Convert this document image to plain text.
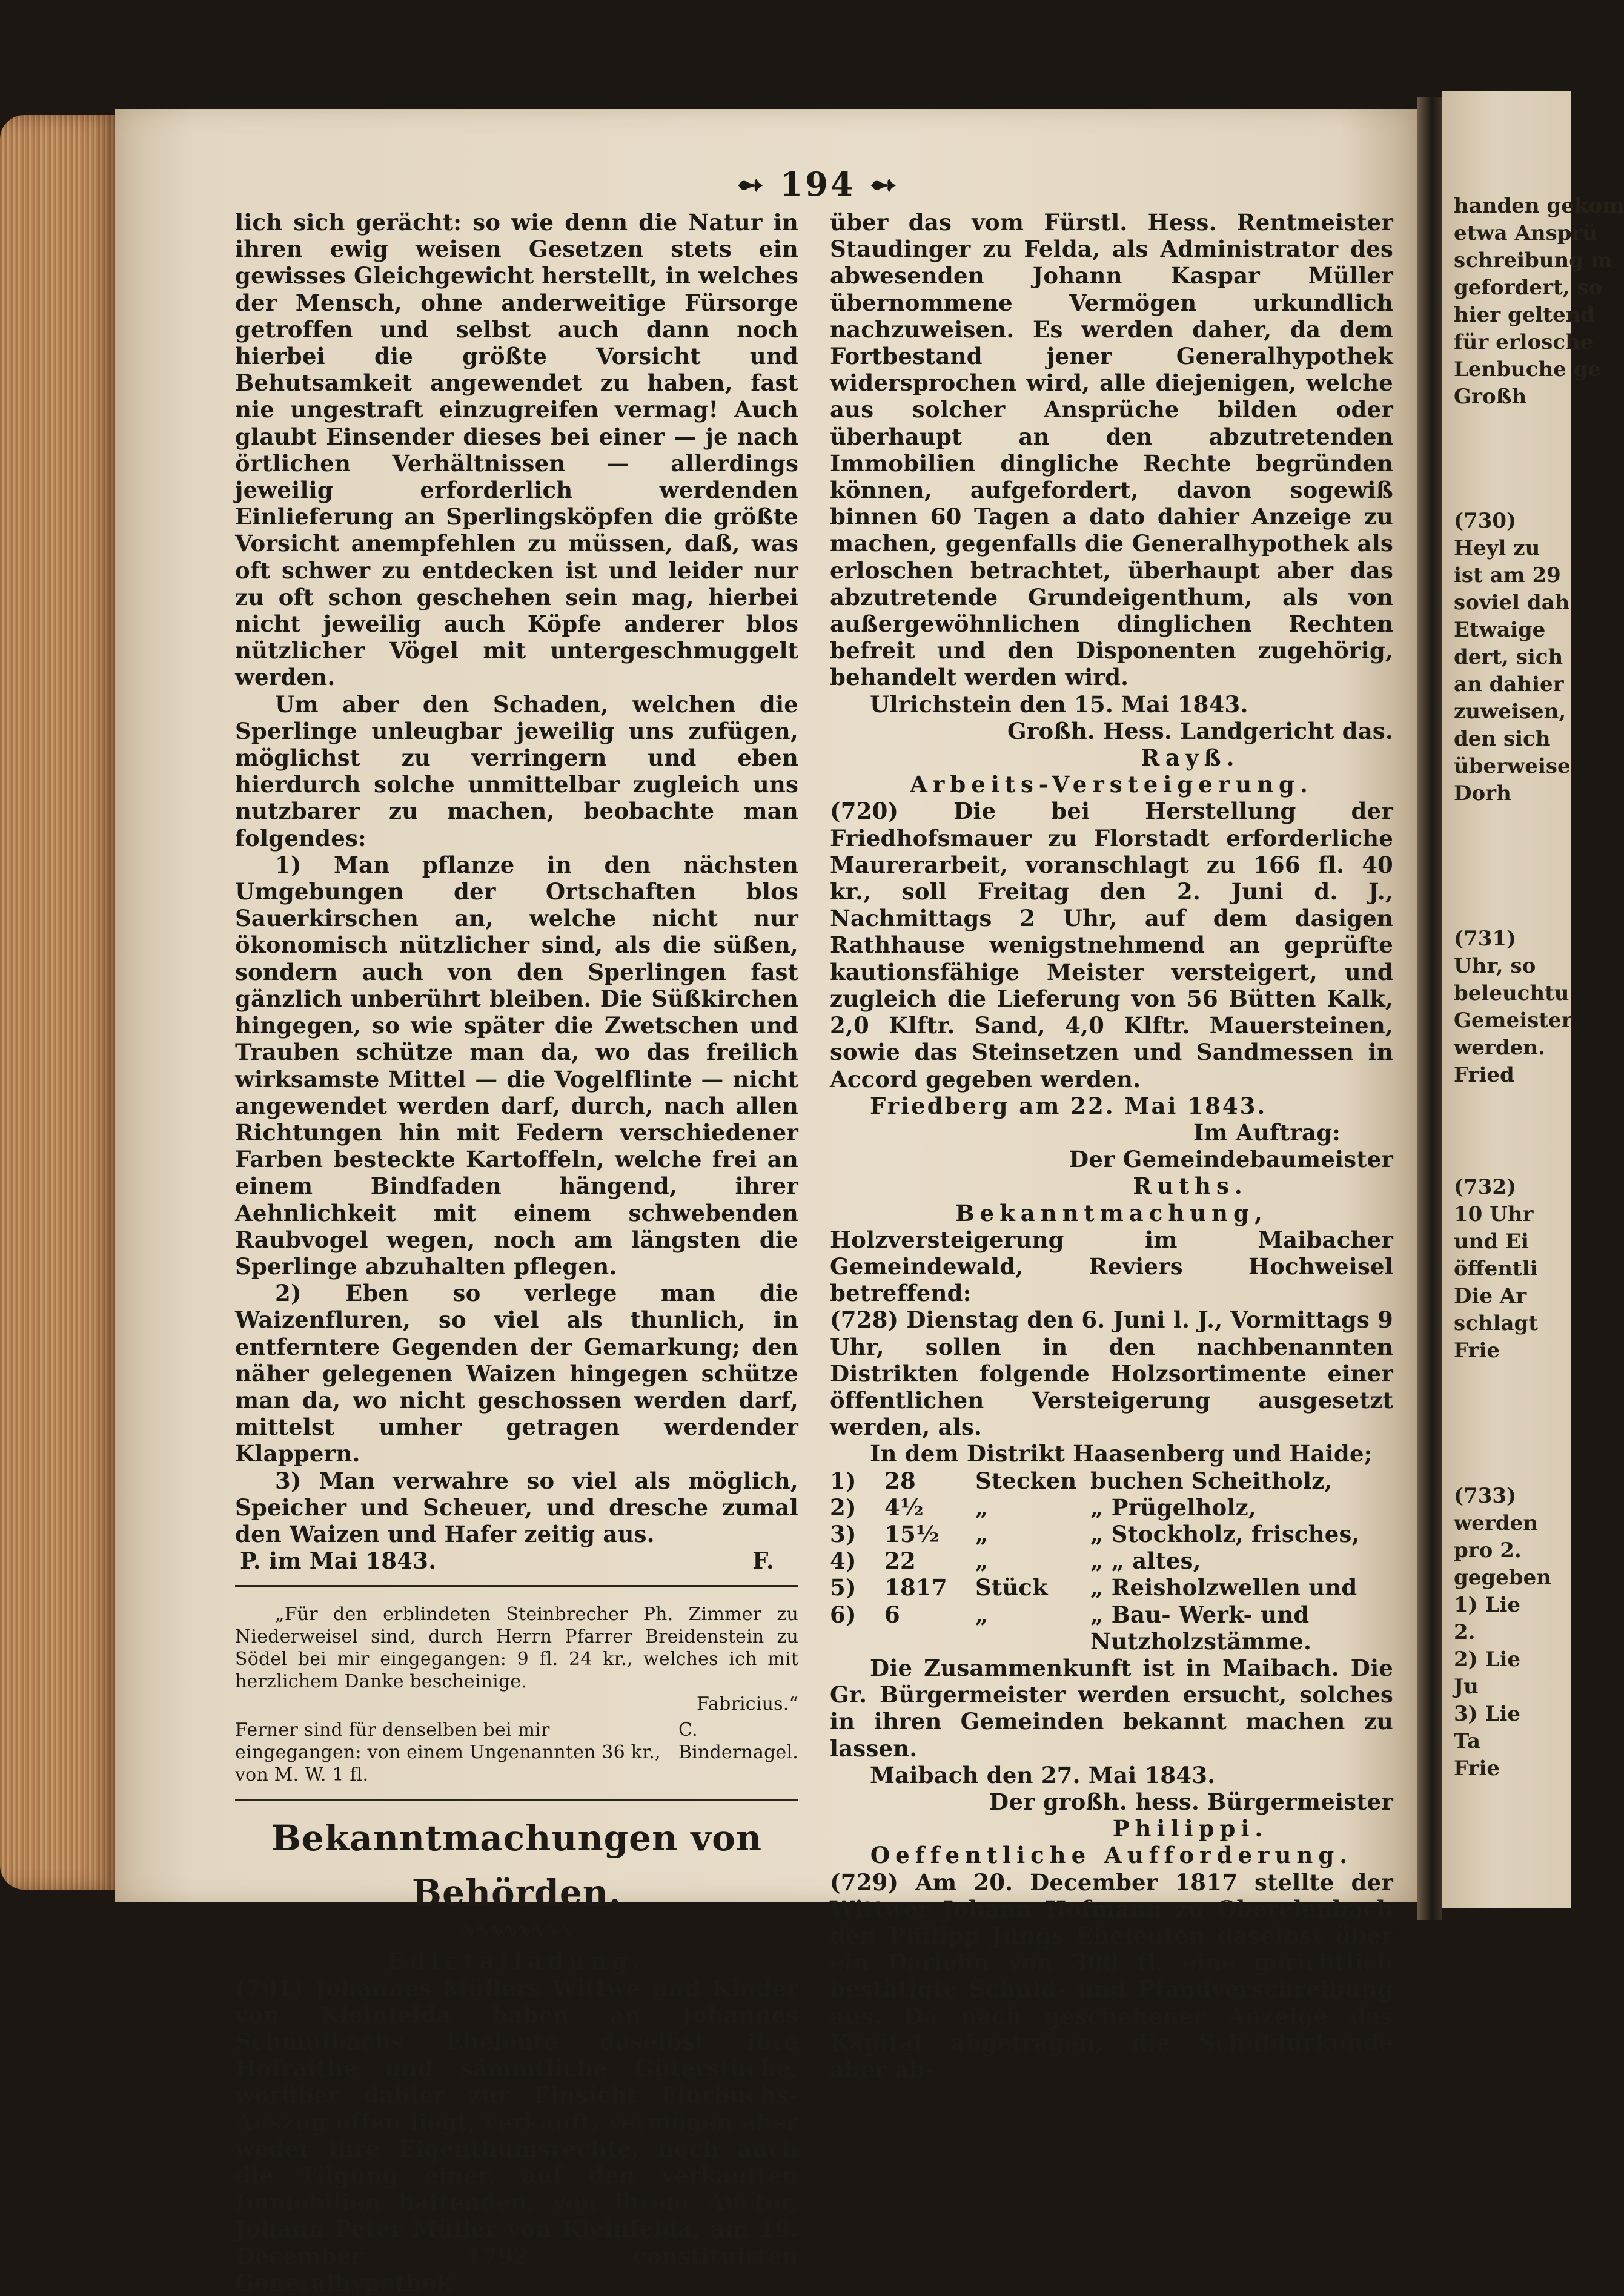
handen gekom
etwa Ansprü
schreibung m
gefordert, so
hier geltend
für erlosche
Lenbuche ge
Großh
(730)
Heyl zu
ist am 29
soviel dah
Etwaige
dert, sich
an dahier
zuweisen,
den sich
überweise
Dorh
(731)
Uhr, so
beleuchtu
Gemeister
werden.
Fried
(732)
10 Uhr
und Ei
öffentli
Die Ar
schlagt
Frie
(733)
werden
pro 2.
gegeben
1) Lie
2.
2) Lie
Ju
3) Lie
Ta
Frie
➻ 194 ➻

lich sich gerächt: so wie denn die Natur in ihren ewig weisen Gesetzen stets ein gewisses Gleichgewicht herstellt, in welches der Mensch, ohne anderweitige Fürsorge getroffen und selbst auch dann noch hierbei die größte Vorsicht und Behutsamkeit angewendet zu haben, fast nie ungestraft einzugreifen vermag! Auch glaubt Einsender dieses bei einer — je nach örtlichen Verhältnissen — allerdings jeweilig erforderlich werdenden Einlieferung an Sperlingsköpfen die größte Vorsicht anempfehlen zu müssen, daß, was oft schwer zu entdecken ist und leider nur zu oft schon geschehen sein mag, hierbei nicht jeweilig auch Köpfe anderer blos nützlicher Vögel mit untergeschmuggelt werden.

Um aber den Schaden, welchen die Sperlinge unleugbar jeweilig uns zufügen, möglichst zu verringern und eben hierdurch solche unmittelbar zugleich uns nutzbarer zu machen, beobachte man folgendes:

1) Man pflanze in den nächsten Umgebungen der Ortschaften blos Sauerkirschen an, welche nicht nur ökonomisch nützlicher sind, als die süßen, sondern auch von den Sperlingen fast gänzlich unberührt bleiben. Die Süßkirchen hingegen, so wie später die Zwetschen und Trauben schütze man da, wo das freilich wirksamste Mittel — die Vogelflinte — nicht angewendet werden darf, durch, nach allen Richtungen hin mit Federn verschiedener Farben besteckte Kartoffeln, welche frei an einem Bindfaden hängend, ihrer Aehnlichkeit mit einem schwebenden Raubvogel wegen, noch am längsten die Sperlinge abzuhalten pflegen.

2) Eben so verlege man die Waizenfluren, so viel als thunlich, in entferntere Gegenden der Gemarkung; den näher gelegenen Waizen hingegen schütze man da, wo nicht geschossen werden darf, mittelst umher getragen werdender Klappern.

3) Man verwahre so viel als möglich, Speicher und Scheuer, und dresche zumal den Waizen und Hafer zeitig aus.

P. im Mai 1843.	F.

„Für den erblindeten Steinbrecher Ph. Zimmer zu Niederweisel sind, durch Herrn Pfarrer Breidenstein zu Södel bei mir eingegangen: 9 fl. 24 kr., welches ich mit herzlichem Danke bescheinige.

Fabricius.“

Ferner sind für denselben bei mir eingegangen: von einem Ungenannten 36 kr., von M. W. 1 fl.
C. Bindernagel.
Bekanntmachungen von Behörden.
∿∿∿∿∿∿∿∿

Edictalladung.

(701) Johannes Müllers Wittwe und Kinder von Kleinfelda haben an Johannes Schmulbachs Eheleute daselbst ihre Hofraithe und sämmtliche Güterstücke, worüber dahier zur Einsicht Flurbuchs-Auszug offen liegt, verkauft, vermögen aber weder ihre Eigenthumsrechte, noch auch die Tilgung einer, auf den verkauften Immobilien haftenden, von ihrem Auctor, Johann Peter Müller von Kleinfelda, am 19. December 1792 constituirten Generalhypothek

über das vom Fürstl. Hess. Rentmeister Staudinger zu Felda, als Administrator des abwesenden Johann Kaspar Müller übernommene Vermögen urkundlich nachzuweisen. Es werden daher, da dem Fortbestand jener Generalhypothek widersprochen wird, alle diejenigen, welche aus solcher Ansprüche bilden oder überhaupt an den abzutretenden Immobilien dingliche Rechte begründen können, aufgefordert, davon sogewiß binnen 60 Tagen a dato dahier Anzeige zu machen, gegenfalls die Generalhypothek als erloschen betrachtet, überhaupt aber das abzutretende Grundeigenthum, als von außergewöhnlichen dinglichen Rechten befreit und den Disponenten zugehörig, behandelt werden wird.

Ulrichstein den 15. Mai 1843.

Großh. Hess. Landgericht das.

Rayß.

Arbeits-Versteigerung.

(720) Die bei Herstellung der Friedhofsmauer zu Florstadt erforderliche Maurerarbeit, voranschlagt zu 166 fl. 40 kr., soll Freitag den 2. Juni d. J., Nachmittags 2 Uhr, auf dem dasigen Rathhause wenigstnehmend an geprüfte kautionsfähige Meister versteigert, und zugleich die Lieferung von 56 Bütten Kalk, 2,0 Klftr. Sand, 4,0 Klftr. Mauersteinen, sowie das Steinsetzen und Sandmessen in Accord gegeben werden.

Friedberg am 22. Mai 1843.

Im Auftrag:

Der Gemeindebaumeister

Ruths.

Bekanntmachung,

Holzversteigerung im Maibacher Gemeindewald, Reviers Hochweisel betreffend:

(728) Dienstag den 6. Juni l. J., Vormittags 9 Uhr, sollen in den nachbenannten Distrikten folgende Holzsortimente einer öffentlichen Versteigerung ausgesetzt werden, als.

In dem Distrikt Haasenberg und Haide;

1)	28	Stecken buchen Scheitholz,
2)	4½	„	„ Prügelholz,
3)	15½	„	„ Stockholz, frisches,
4)	22	„	„ „ altes,
5)	1817	Stück	„ Reisholzwellen und
6)	6	„	„ Bau- Werk- und Nutzholzstämme.

Die Zusammenkunft ist in Maibach. Die Gr. Bürgermeister werden ersucht, solches in ihren Gemeinden bekannt machen zu lassen.

Maibach den 27. Mai 1843.

Der großh. hess. Bürgermeister

Philippi.

Oeffentliche Aufforderung.

(729) Am 20. December 1817 stellte der Wittwer Johann Hofmann zu Oberelenbach den Philipp Jungs Eheleuten daselbst über ein Darlehn von 300 fl. eine gerichtlich bestätigte Schuld- und Pfandverschreibung aus. Da nach geschehener Anzeige das Kapital abgetragen, die Schuldurkunde aber ab-
